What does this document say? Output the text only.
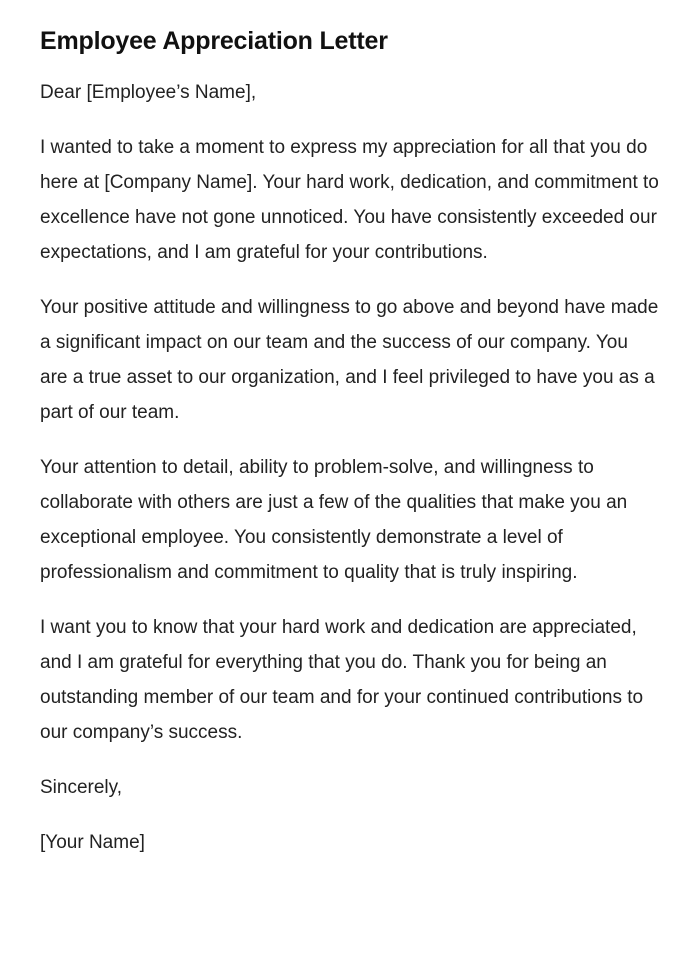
Employee Appreciation Letter

Dear [Employee’s Name],

I wanted to take a moment to express my appreciation for all that you do here at [Company Name]. Your hard work, dedication, and commitment to excellence have not gone unnoticed. You have consistently exceeded our expectations, and I am grateful for your contributions.

Your positive attitude and willingness to go above and beyond have made a significant impact on our team and the success of our company. You are a true asset to our organization, and I feel privileged to have you as a part of our team.

Your attention to detail, ability to problem-solve, and willingness to collaborate with others are just a few of the qualities that make you an exceptional employee. You consistently demonstrate a level of professionalism and commitment to quality that is truly inspiring.

I want you to know that your hard work and dedication are appreciated, and I am grateful for everything that you do. Thank you for being an outstanding member of our team and for your continued contributions to our company’s success.

Sincerely,

[Your Name]
